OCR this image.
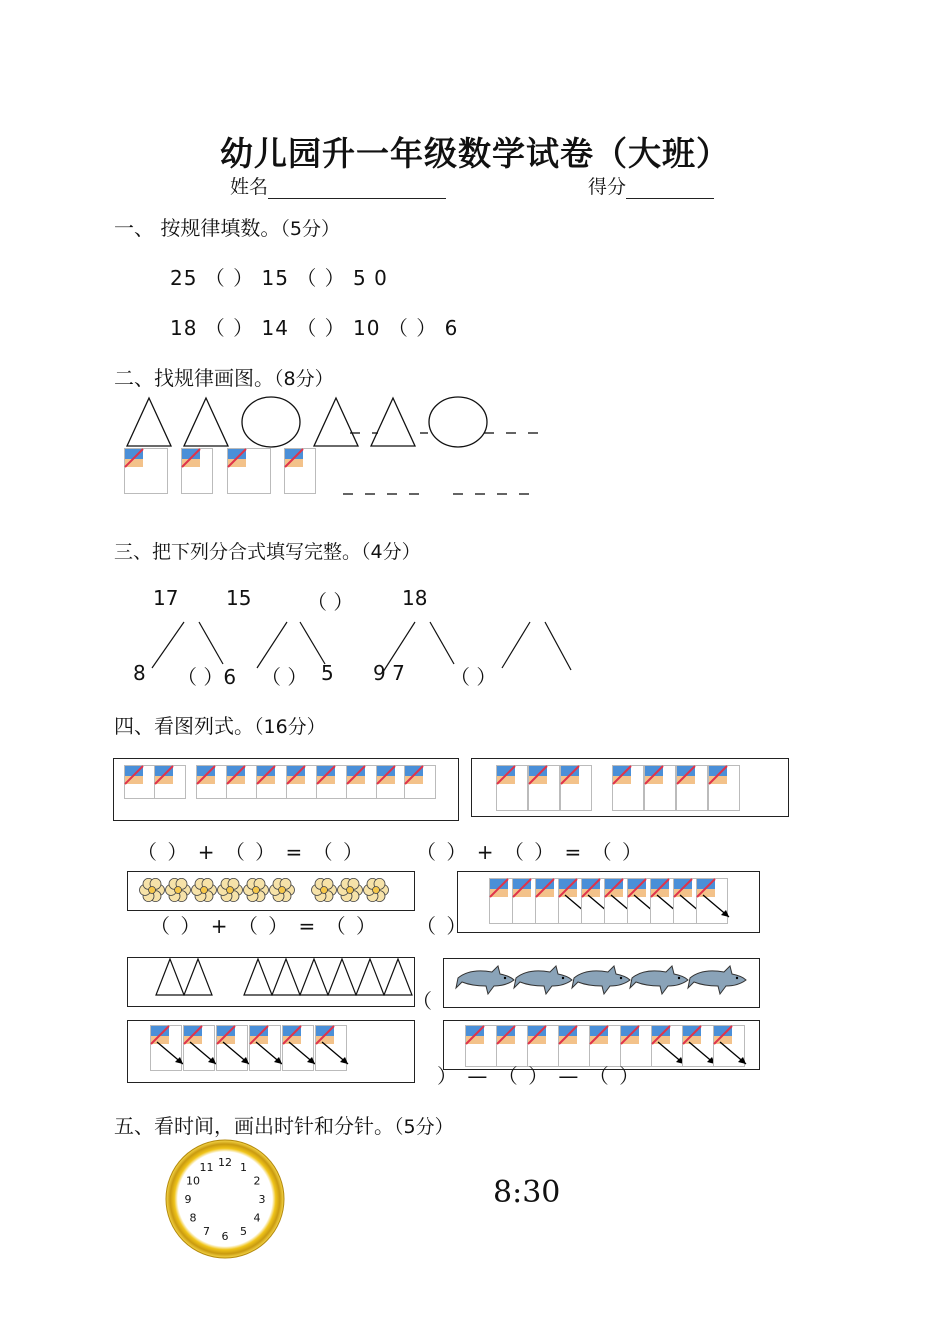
幼儿园升一年级数学试卷（大班）
姓名	得分
一、 按规律填数。（5分）
25 （ ） 15 （ ） 5 0
18 （ ） 14 （ ） 10 （ ） 6
二、找规律画图。（8分）
三、把下列分合式填写完整。（4分）
17 15	（ ） 18
8 （ ）6 （ ） 5 9 7 （ ）
四、看图列式。（16分）
（ ） + （ ） = （ ）	（ ） + （ ） = （ ）
（ ） + （ ） = （ ） （ ）
（
） — （ ） — （ ）
五、看时间，画出时针和分针。（5分）
12 1
2
3
4
5
6
7
8
9
10
11
8:30
